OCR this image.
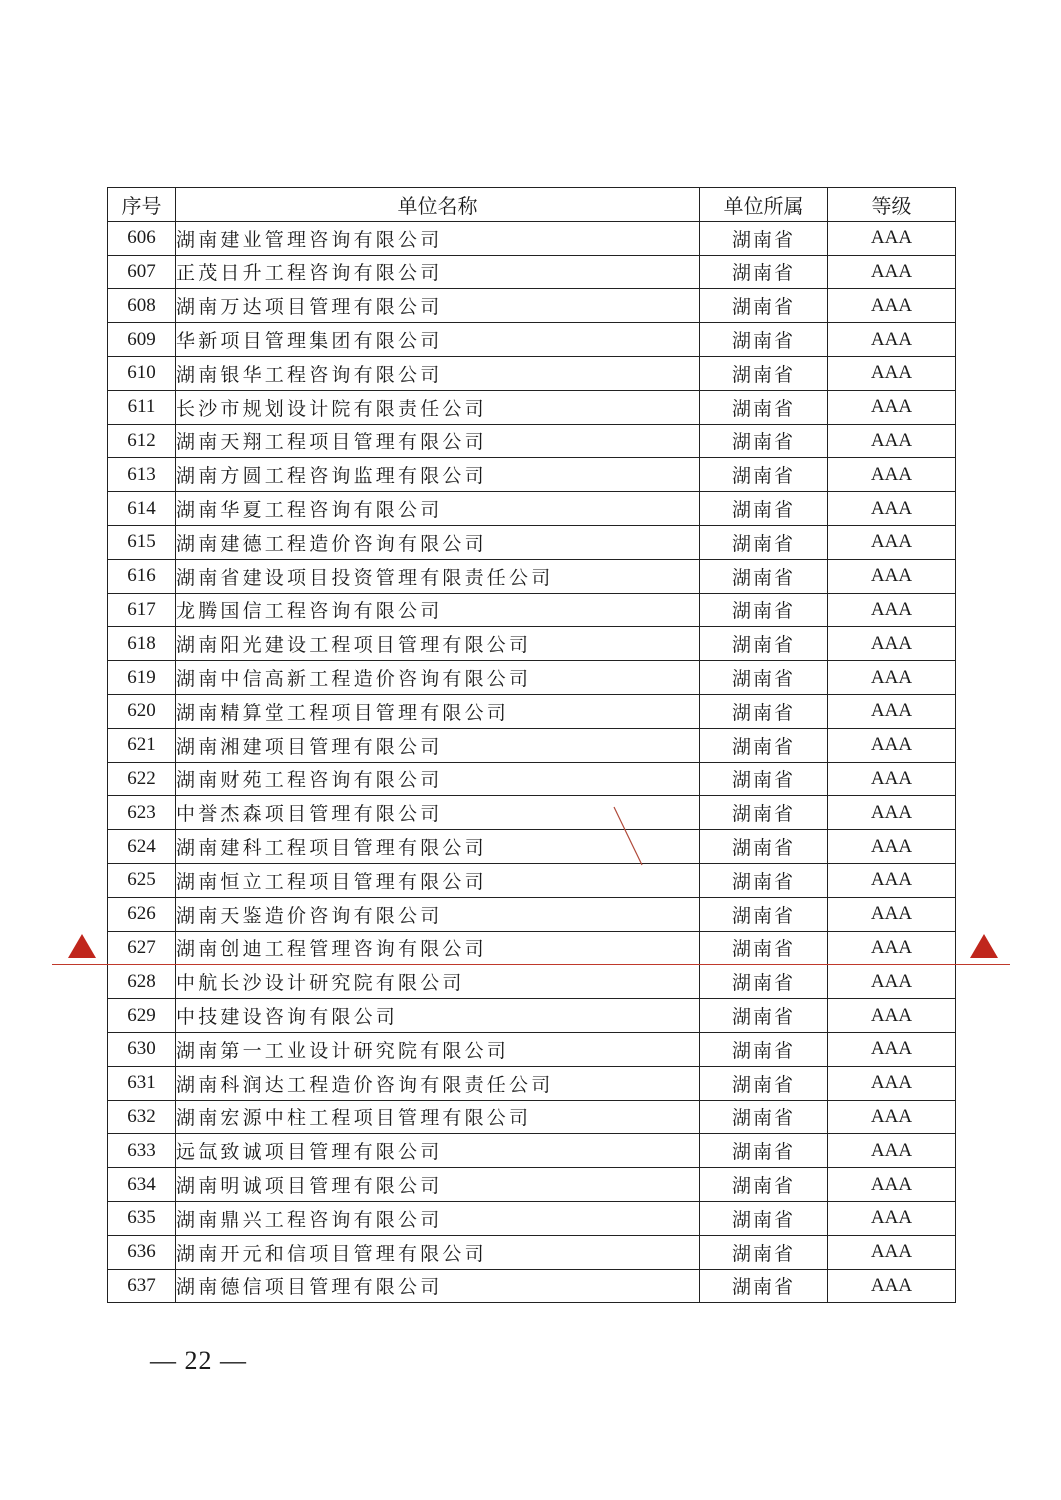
序号	单位名称	单位所属	等级
606	湖南建业管理咨询有限公司	湖南省	AAA
607	正茂日升工程咨询有限公司	湖南省	AAA
608	湖南万达项目管理有限公司	湖南省	AAA
609	华新项目管理集团有限公司	湖南省	AAA
610	湖南银华工程咨询有限公司	湖南省	AAA
611	长沙市规划设计院有限责任公司	湖南省	AAA
612	湖南天翔工程项目管理有限公司	湖南省	AAA
613	湖南方圆工程咨询监理有限公司	湖南省	AAA
614	湖南华夏工程咨询有限公司	湖南省	AAA
615	湖南建德工程造价咨询有限公司	湖南省	AAA
616	湖南省建设项目投资管理有限责任公司	湖南省	AAA
617	龙腾国信工程咨询有限公司	湖南省	AAA
618	湖南阳光建设工程项目管理有限公司	湖南省	AAA
619	湖南中信高新工程造价咨询有限公司	湖南省	AAA
620	湖南精算堂工程项目管理有限公司	湖南省	AAA
621	湖南湘建项目管理有限公司	湖南省	AAA
622	湖南财苑工程咨询有限公司	湖南省	AAA
623	中誉杰森项目管理有限公司	湖南省	AAA
624	湖南建科工程项目管理有限公司	湖南省	AAA
625	湖南恒立工程项目管理有限公司	湖南省	AAA
626	湖南天鉴造价咨询有限公司	湖南省	AAA
627	湖南创迪工程管理咨询有限公司	湖南省	AAA
628	中航长沙设计研究院有限公司	湖南省	AAA
629	中技建设咨询有限公司	湖南省	AAA
630	湖南第一工业设计研究院有限公司	湖南省	AAA
631	湖南科润达工程造价咨询有限责任公司	湖南省	AAA
632	湖南宏源中柱工程项目管理有限公司	湖南省	AAA
633	远氙致诚项目管理有限公司	湖南省	AAA
634	湖南明诚项目管理有限公司	湖南省	AAA
635	湖南鼎兴工程咨询有限公司	湖南省	AAA
636	湖南开元和信项目管理有限公司	湖南省	AAA
637	湖南德信项目管理有限公司	湖南省	AAA
— 22 —
